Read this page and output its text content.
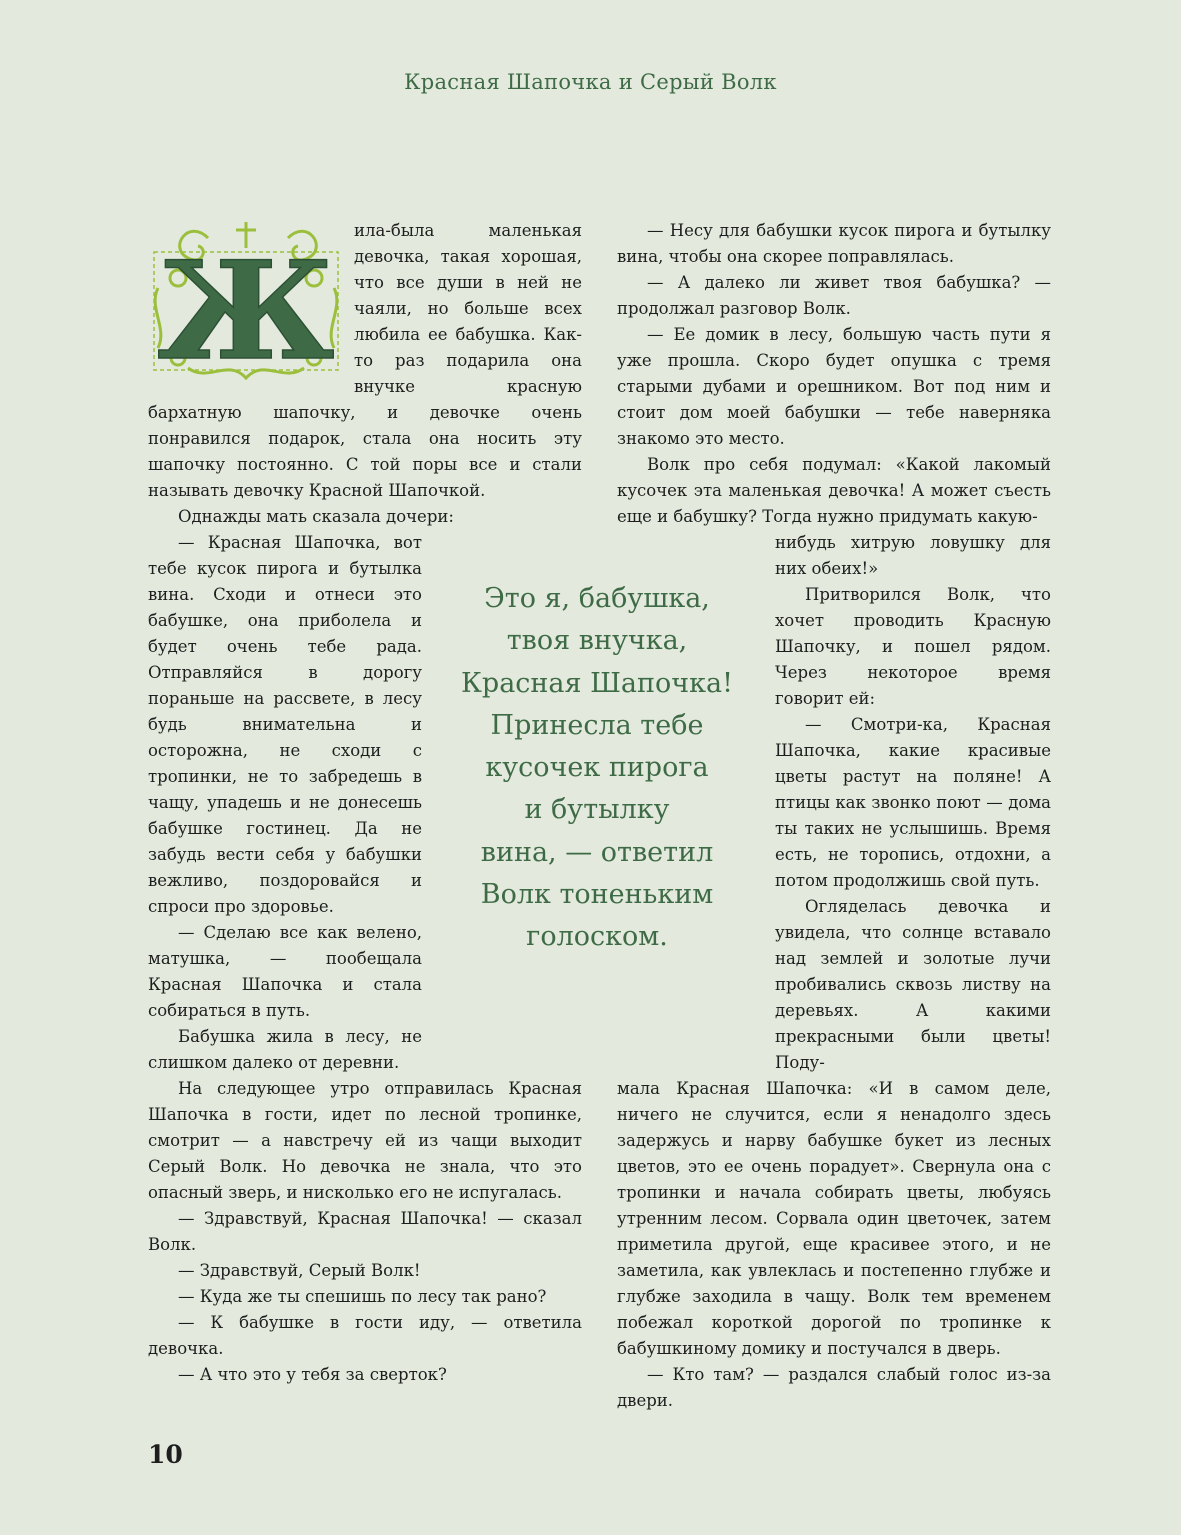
Красная Шапочка и Серый Волк
Ж

ила-была маленькая девочка, такая хорошая, что все души в ней не чаяли, но больше всех любила ее бабушка. Как-то раз подарила она внучке красную бархатную шапочку, и девочке очень понравился подарок, стала она носить эту шапочку постоянно. С той поры все и стали называть девочку Красной Шапочкой.

Однажды мать сказала дочери:

— Красная Шапочка, вот тебе кусок пирога и бутылка вина. Сходи и отнеси это бабушке, она приболела и будет очень тебе рада. Отправляйся в дорогу пораньше на рассвете, в лесу будь внимательна и осторожна, не сходи с тропинки, не то забредешь в чащу, упадешь и не донесешь бабушке гостинец. Да не забудь вести себя у бабушки вежливо, поздоровайся и спроси про здоровье.

— Сделаю все как велено, матушка, — пообещала Красная Шапочка и стала собираться в путь.

Бабушка жила в лесу, не слишком далеко от деревни.

На следующее утро отправилась Красная Шапочка в гости, идет по лесной тропинке, смотрит — а навстречу ей из чащи выходит Серый Волк. Но девочка не знала, что это опасный зверь, и нисколько его не испугалась.

— Здравствуй, Красная Шапочка! — сказал Волк.

— Здравствуй, Серый Волк!

— Куда же ты спешишь по лесу так рано?

— К бабушке в гости иду, — ответила девочка.

— А что это у тебя за сверток?

Это я, бабушка,
твоя внучка,
Красная Шапочка!
Принесла тебе
кусочек пирога
и бутылку
вина, — ответил
Волк тоненьким
голоском.

— Несу для бабушки кусок пирога и бутылку вина, чтобы она скорее поправлялась.

— А далеко ли живет твоя бабушка? — продолжал разговор Волк.

— Ее домик в лесу, большую часть пути я уже прошла. Скоро будет опушка с тремя старыми дубами и орешником. Вот под ним и стоит дом моей бабушки — тебе наверняка знакомо это место.

Волк про себя подумал: «Какой лакомый кусочек эта маленькая девочка! А может съесть еще и бабушку? Тогда нужно придумать какую-

нибудь хитрую ловушку для них обеих!»

Притворился Волк, что хочет проводить Красную Шапочку, и пошел рядом. Через некоторое время говорит ей:

— Смотри-ка, Красная Шапочка, какие красивые цветы растут на поляне! А птицы как звонко поют — дома ты таких не услышишь. Время есть, не торопись, отдохни, а потом продолжишь свой путь.

Огляделась девочка и увидела, что солнце вставало над землей и золотые лучи пробивались сквозь листву на деревьях. А какими прекрасными были цветы! Поду-

мала Красная Шапочка: «И в самом деле, ничего не случится, если я ненадолго здесь задержусь и нарву бабушке букет из лесных цветов, это ее очень порадует». Свернула она с тропинки и начала собирать цветы, любуясь утренним лесом. Сорвала один цветочек, затем приметила другой, еще красивее этого, и не заметила, как увлеклась и постепенно глубже и глубже заходила в чащу. Волк тем временем побежал короткой дорогой по тропинке к бабушкиному домику и постучался в дверь.

— Кто там? — раздался слабый голос из-за двери.

10
